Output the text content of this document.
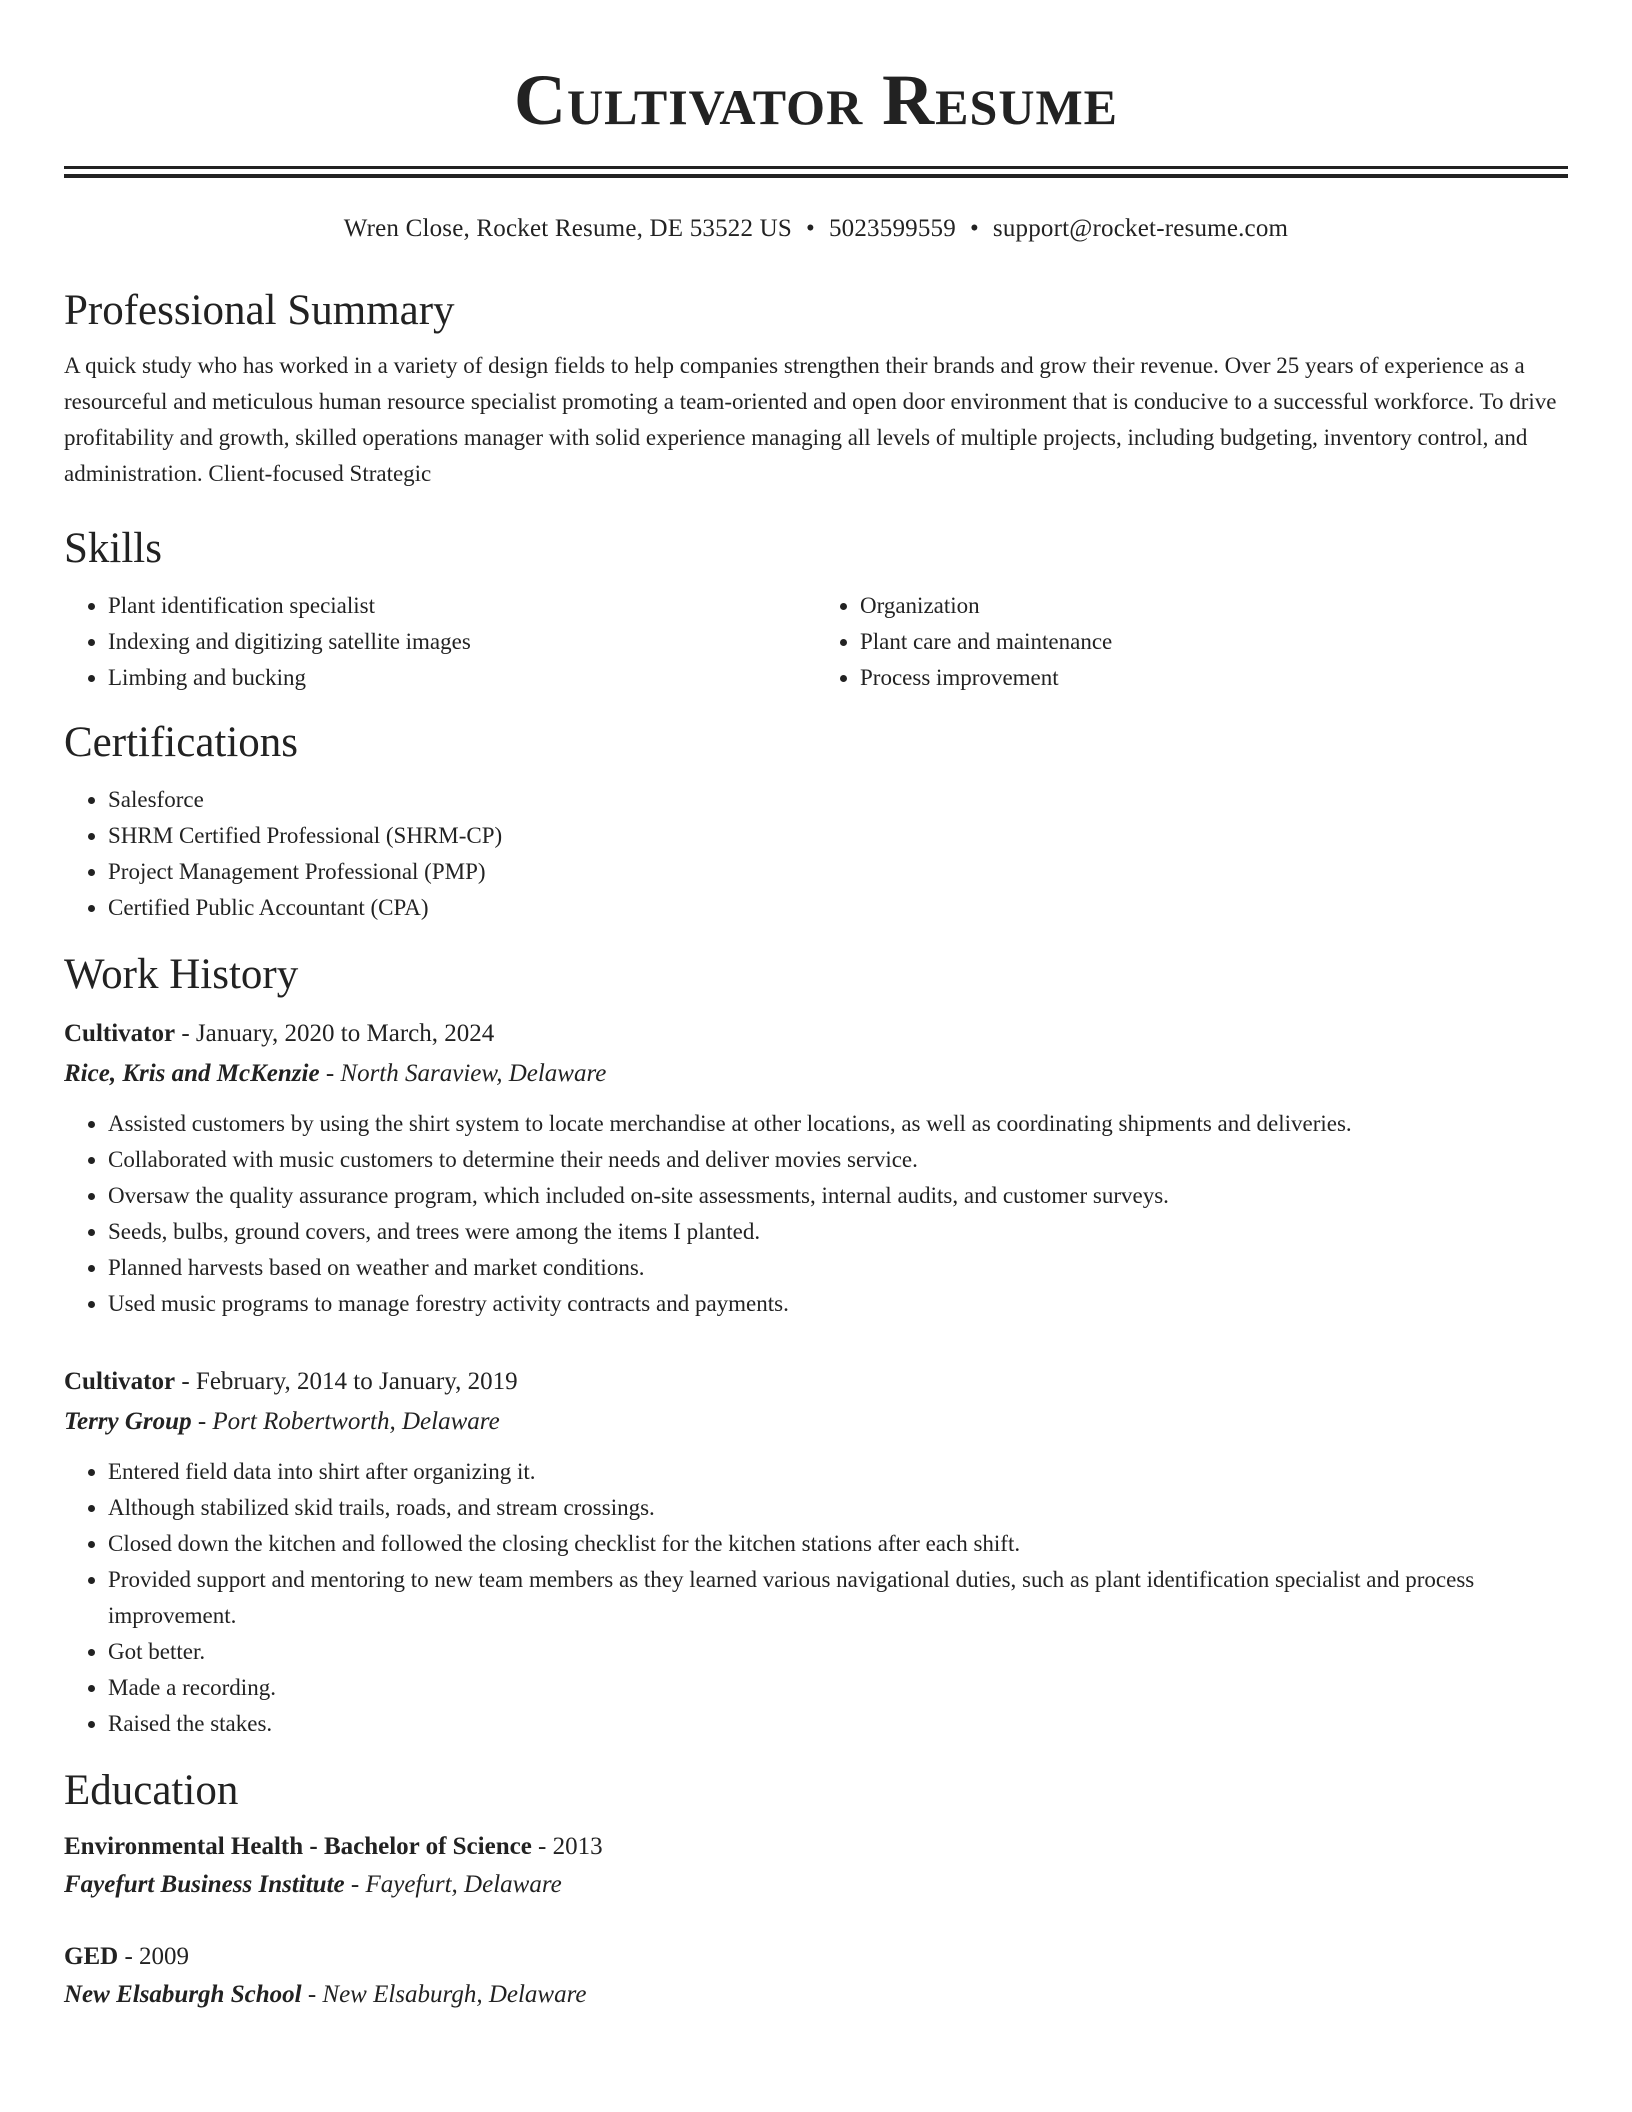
Cultivator Resume
Wren Close, Rocket Resume, DE 53522 US • 5023599559 • support@rocket-resume.com
Professional Summary

A quick study who has worked in a variety of design fields to help companies strengthen their brands and grow their revenue. Over 25 years of experience as a resourceful and meticulous human resource specialist promoting a team-oriented and open door environment that is conducive to a successful workforce. To drive profitability and growth, skilled operations manager with solid experience managing all levels of multiple projects, including budgeting, inventory control, and administration. Client-focused Strategic

Skills
• Plant identification specialist
• Indexing and digitizing satellite images
• Limbing and bucking
• Organization
• Plant care and maintenance
• Process improvement
Certifications
• Salesforce
• SHRM Certified Professional (SHRM-CP)
• Project Management Professional (PMP)
• Certified Public Accountant (CPA)
Work History
Cultivator - January, 2020 to March, 2024
Rice, Kris and McKenzie - North Saraview, Delaware
• Assisted customers by using the shirt system to locate merchandise at other locations, as well as coordinating shipments and deliveries.
• Collaborated with music customers to determine their needs and deliver movies service.
• Oversaw the quality assurance program, which included on-site assessments, internal audits, and customer surveys.
• Seeds, bulbs, ground covers, and trees were among the items I planted.
• Planned harvests based on weather and market conditions.
• Used music programs to manage forestry activity contracts and payments.
Cultivator - February, 2014 to January, 2019
Terry Group - Port Robertworth, Delaware
• Entered field data into shirt after organizing it.
• Although stabilized skid trails, roads, and stream crossings.
• Closed down the kitchen and followed the closing checklist for the kitchen stations after each shift.
• Provided support and mentoring to new team members as they learned various navigational duties, such as plant identification specialist and process improvement.
• Got better.
• Made a recording.
• Raised the stakes.
Education
Environmental Health - Bachelor of Science - 2013
Fayefurt Business Institute - Fayefurt, Delaware
GED - 2009
New Elsaburgh School - New Elsaburgh, Delaware
